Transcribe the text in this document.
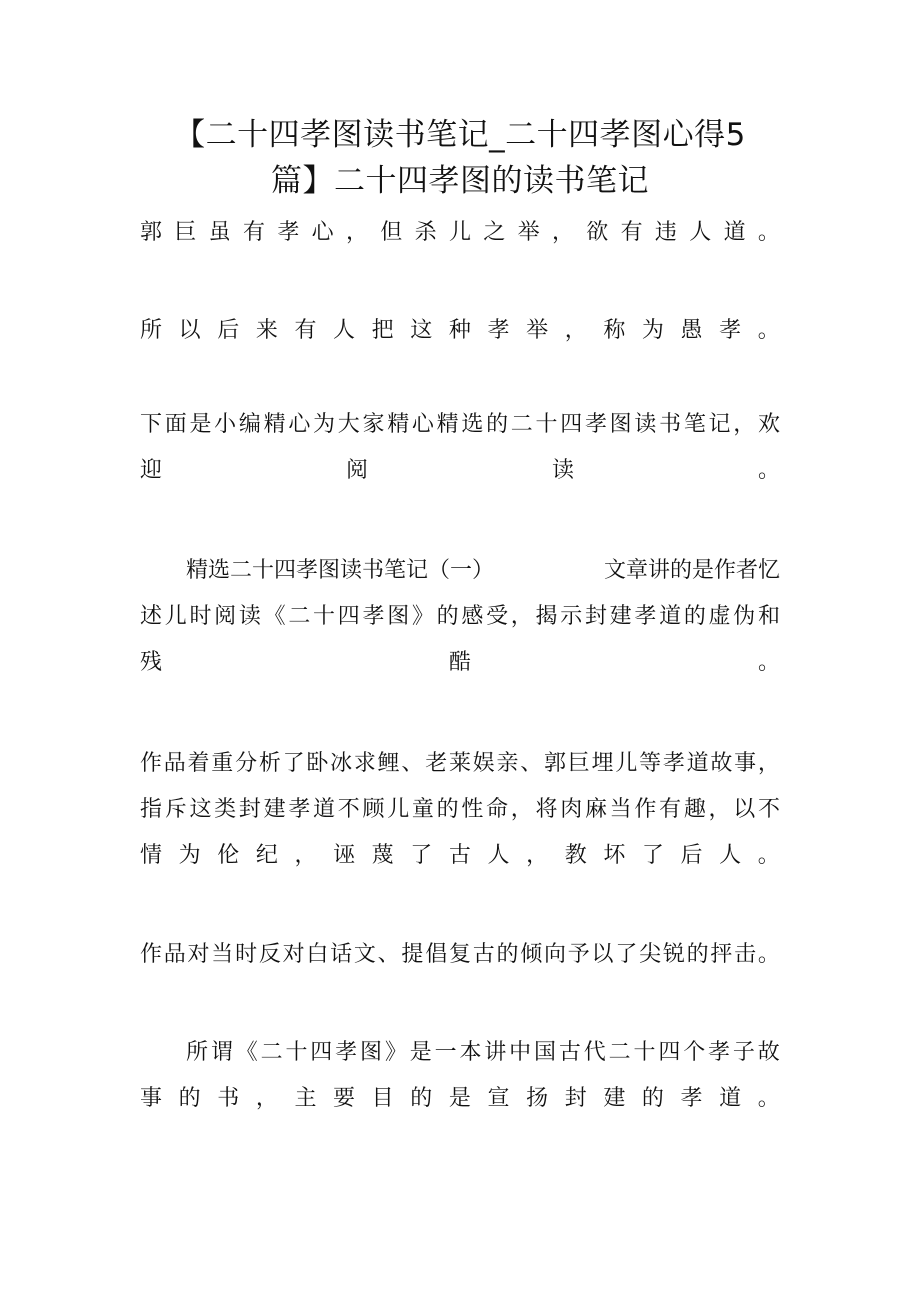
【二十四孝图读书笔记_二十四孝图心得5
篇】二十四孝图的读书笔记
郭 巨 虽 有 孝 心 ， 但 杀 儿 之 举 ， 欲 有 违 人 道 。
所 以 后 来 有 人 把 这 种 孝 举 ， 称 为 愚 孝 。
下 面 是 小 编 精 心 为 大 家 精 心 精 选 的 二 十 四 孝 图 读 书 笔 记 ， 欢
迎	阅	读	。
精选二十四孝图读书笔记（一）	文章讲的是作者忆
述 儿 时 阅 读 《 二 十 四 孝 图 》 的 感 受 ， 揭 示 封 建 孝 道 的 虚 伪 和
残	酷	。
作 品 着 重 分 析 了 卧 冰 求 鲤 、 老 莱 娱 亲 、 郭 巨 埋 儿 等 孝 道 故 事 ，
指 斥 这 类 封 建 孝 道 不 顾 儿 童 的 性 命 ， 将 肉 麻 当 作 有 趣 ， 以 不
情 为 伦 纪 ， 诬 蔑 了 古 人 ， 教 坏 了 后 人 。
作 品 对 当 时 反 对 白 话 文 、 提 倡 复 古 的 倾 向 予 以 了 尖 锐 的 抨 击 。
所 谓 《 二 十 四 孝 图 》 是 一 本 讲 中 国 古 代 二 十 四 个 孝 子 故
事 的 书 ， 主 要 目 的 是 宣 扬 封 建 的 孝 道 。
